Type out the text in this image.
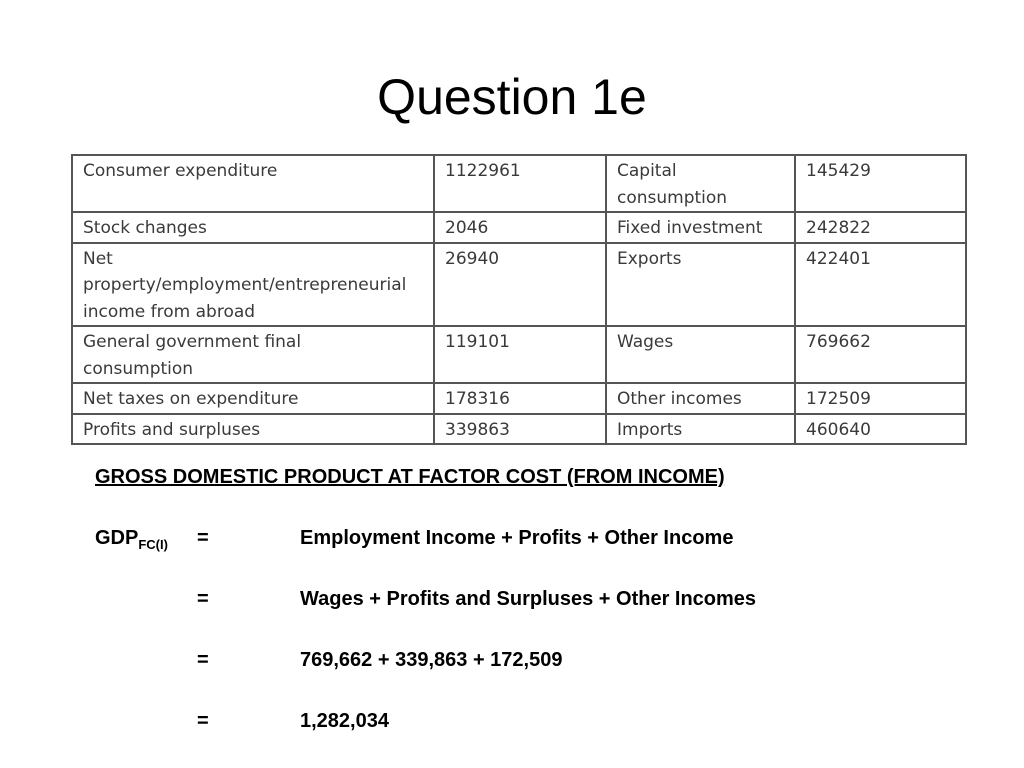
Question 1e
Consumer expenditure	1122961	Capital consumption	145429
Stock changes	2046	Fixed investment	242822
Net property/employment/entrepreneurial income from abroad	26940	Exports	422401
General government final consumption	119101	Wages	769662
Net taxes on expenditure	178316	Other incomes	172509
Profits and surpluses	339863	Imports	460640
GROSS DOMESTIC PRODUCT AT FACTOR COST (FROM INCOME)
$GDP_{FC(I)}$ =	Employment Income + Profits + Other Income
=	Wages + Profits and Surpluses + Other Incomes
=	769,662 + 339,863 + 172,509
=	1,282,034
